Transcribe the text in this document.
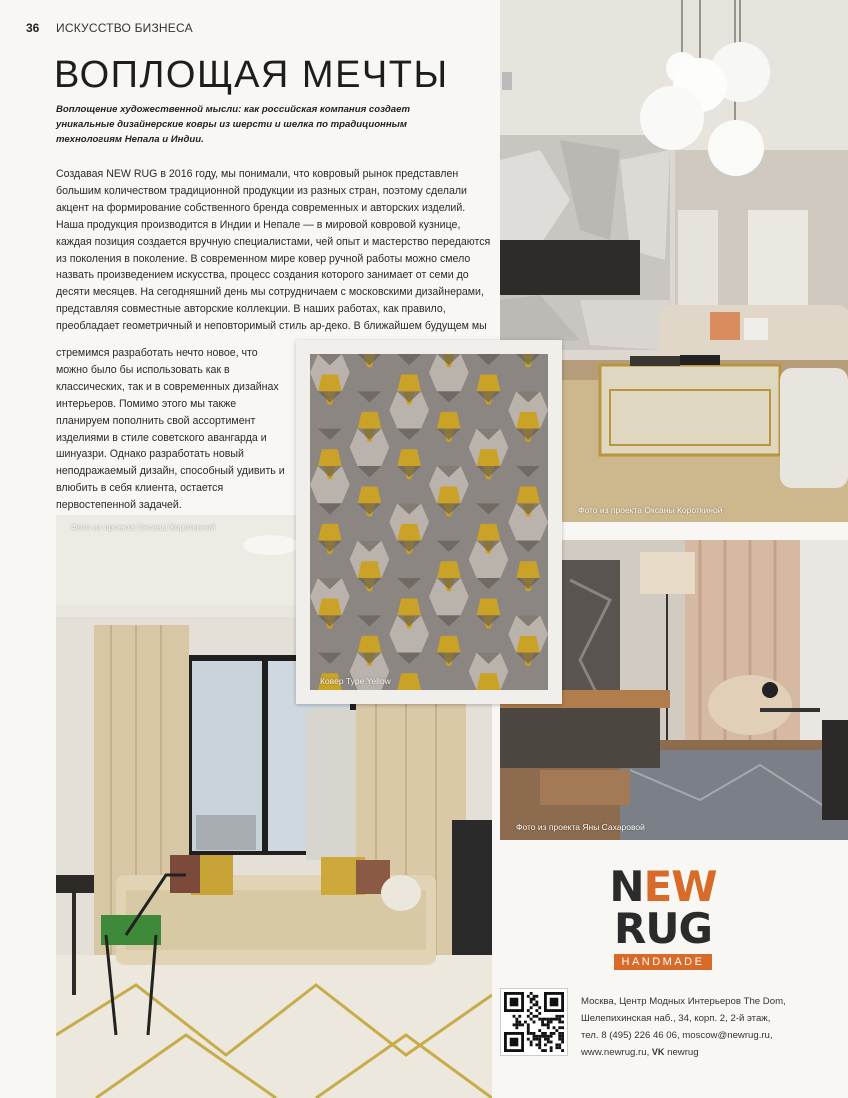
36 ИСКУССТВО БИЗНЕСА
Фото из проекта Оксаны Короткиной
Фото из проекта Оксаны Короткиной
Фото из проекта Яны Сахаровой
Ковер Type Yellow
ВОПЛОЩАЯ МЕЧТЫ
Воплощение художественной мысли: как российская компания создает уникальные дизайнерские ковры из шерсти и шелка по традиционным технологиям Непала и Индии.
Создавая NEW RUG в 2016 году, мы понимали, что ковровый рынок представлен большим количеством традиционной продукции из разных стран, поэтому сделали акцент на формирование собственного бренда современных и авторских изделий. Наша продукция производится в Индии и Непале — в мировой ковровой кузнице, каждая позиция создается вручную специалистами, чей опыт и мастерство передаются из поколения в поколение. В современном мире ковер ручной работы можно смело назвать произведением искусства, процесс создания которого занимает от семи до десяти месяцев. На сегодняшний день мы сотрудничаем с московскими дизайнерами, представляя совместные авторские коллекции. В наших работах, как правило, преобладает геометричный и неповторимый стиль ар-деко. В ближайшем будущем мы
стремимся разработать нечто новое, что можно было бы использовать как в классических, так и в современных дизайнах интерьеров. Помимо этого мы также планируем пополнить свой ассортимент изделиями в стиле советского авангарда и шинуазри. Однако разработать новый неподражаемый дизайн, способный удивить и влюбить в себя клиента, остается первостепенной задачей.
NEW
RUG
HANDMADE
Москва, Центр Модных Интерьеров The Dom,
Шелепихинская наб., 34, корп. 2, 2-й этаж,
тел. 8 (495) 226 46 06, moscow@newrug.ru,
www.newrug.ru, VK newrug
